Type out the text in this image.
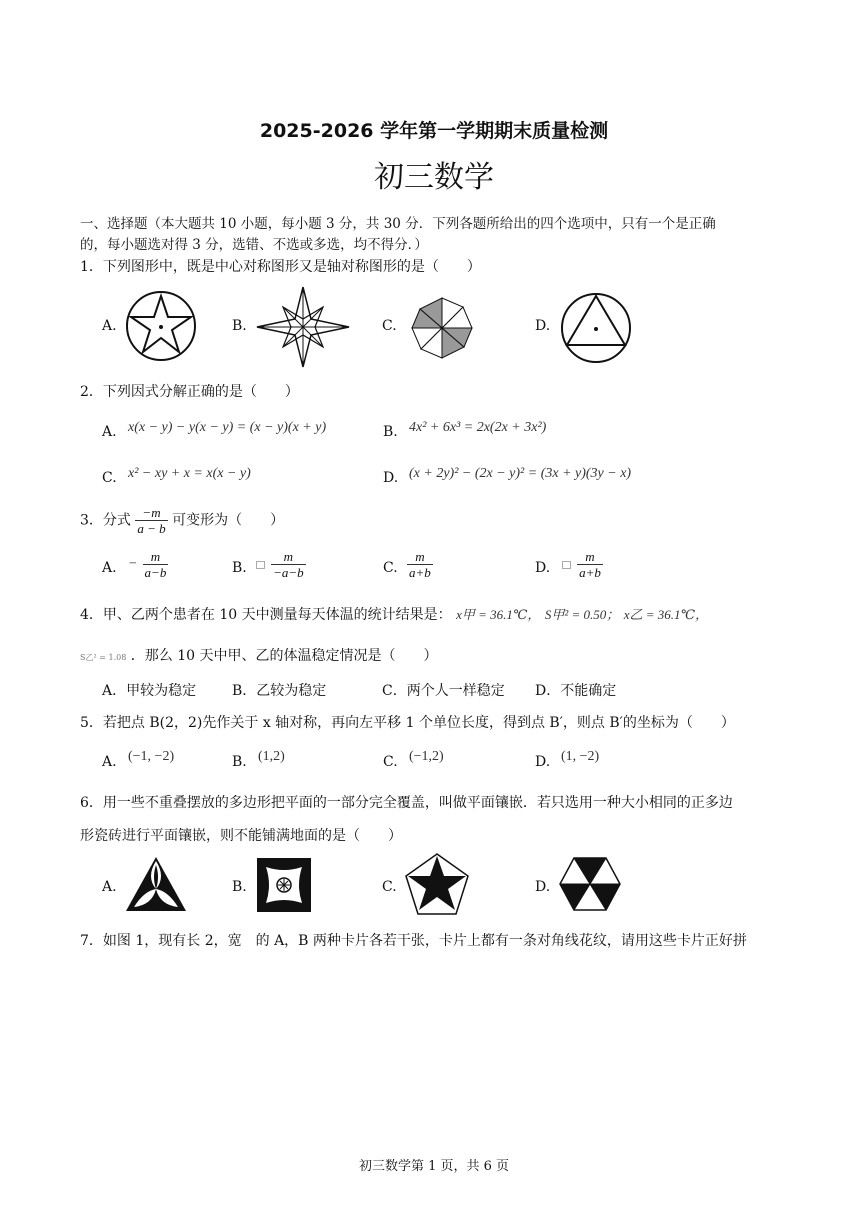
2025-2026 学年第一学期期末质量检测
初三数学
一、选择题（本大题共 10 小题，每小题 3 分，共 30 分．下列各题所给出的四个选项中，只有一个是正确
的，每小题选对得 3 分，选错、不选或多选，均不得分．）
1．下列图形中，既是中心对称图形又是轴对称图形的是（　　）
A.	B.	C.	D.
2．下列因式分解正确的是（　　）
A. x(x − y) − y(x − y) = (x − y)(x + y)	B. 4x² + 6x³ = 2x(2x + 3x²)
C. x² − xy + x = x(x − y)	D. (x + 2y)² − (2x − y)² = (3x + y)(3y − x)
3．分式 $\frac{-m}{a - b}$ 可变形为（　　）
A. − $\frac{m}{a-b}$	B.
$\frac{m}{-a-b}$	C. $\frac{m}{a+b}$	D.
$\frac{m}{a+b}$
4．甲、乙两个患者在 10 天中测量每天体温的统计结果是： x甲 = 36.1℃， S甲² = 0.50； x乙 = 36.1℃，
S乙² = 1.08 ．那么 10 天中甲、乙的体温稳定情况是（　　）
A．甲较为稳定	B．乙较为稳定	C．两个人一样稳定 D．不能确定
5．若把点 B(2，2)先作关于 x 轴对称，再向左平移 1 个单位长度，得到点 B′，则点 B′的坐标为（　　）
A. (−1, −2)	B. (1,2)	C. (−1,2)	D. (1, −2)
6．用一些不重叠摆放的多边形把平面的一部分完全覆盖，叫做平面镶嵌．若只选用一种大小相同的正多边
形瓷砖进行平面镶嵌，则不能铺满地面的是（　　）
A.	B.	C.	D.
7．如图 1，现有长 2，宽　的 A，B 两种卡片各若干张，卡片上都有一条对角线花纹，请用这些卡片正好拼
初三数学第 1 页，共 6 页
